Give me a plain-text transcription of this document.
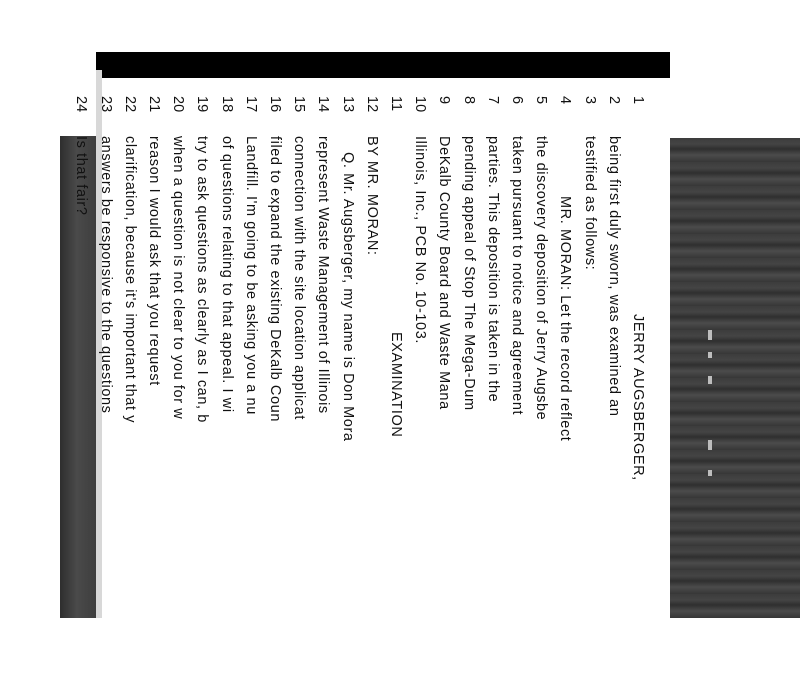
1
JERRY AUGSBERGER,
2
being first duly sworn, was examined an
3
testified as follows:
4
MR. MORAN: Let the record reflect
5
the discovery deposition of Jerry Augsbe
6
taken pursuant to notice and agreement
7
parties. This deposition is taken in the
8
pending appeal of Stop The Mega-Dum
9
DeKalb County Board and Waste Mana
10
Illinois, Inc., PCB No. 10-103.
11
EXAMINATION
12
BY MR. MORAN:
13
Q. Mr. Augsberger, my name is Don Mora
14
represent Waste Management of Illinois
15
connection with the site location applicat
16
filed to expand the existing DeKalb Coun
17
Landfill. I'm going to be asking you a nu
18
of questions relating to that appeal. I wi
19
try to ask questions as clearly as I can, b
20
when a question is not clear to you for w
21
reason I would ask that you request
22
clarification, because it's important that y
23
answers be responsive to the questions
24
Is that fair?
